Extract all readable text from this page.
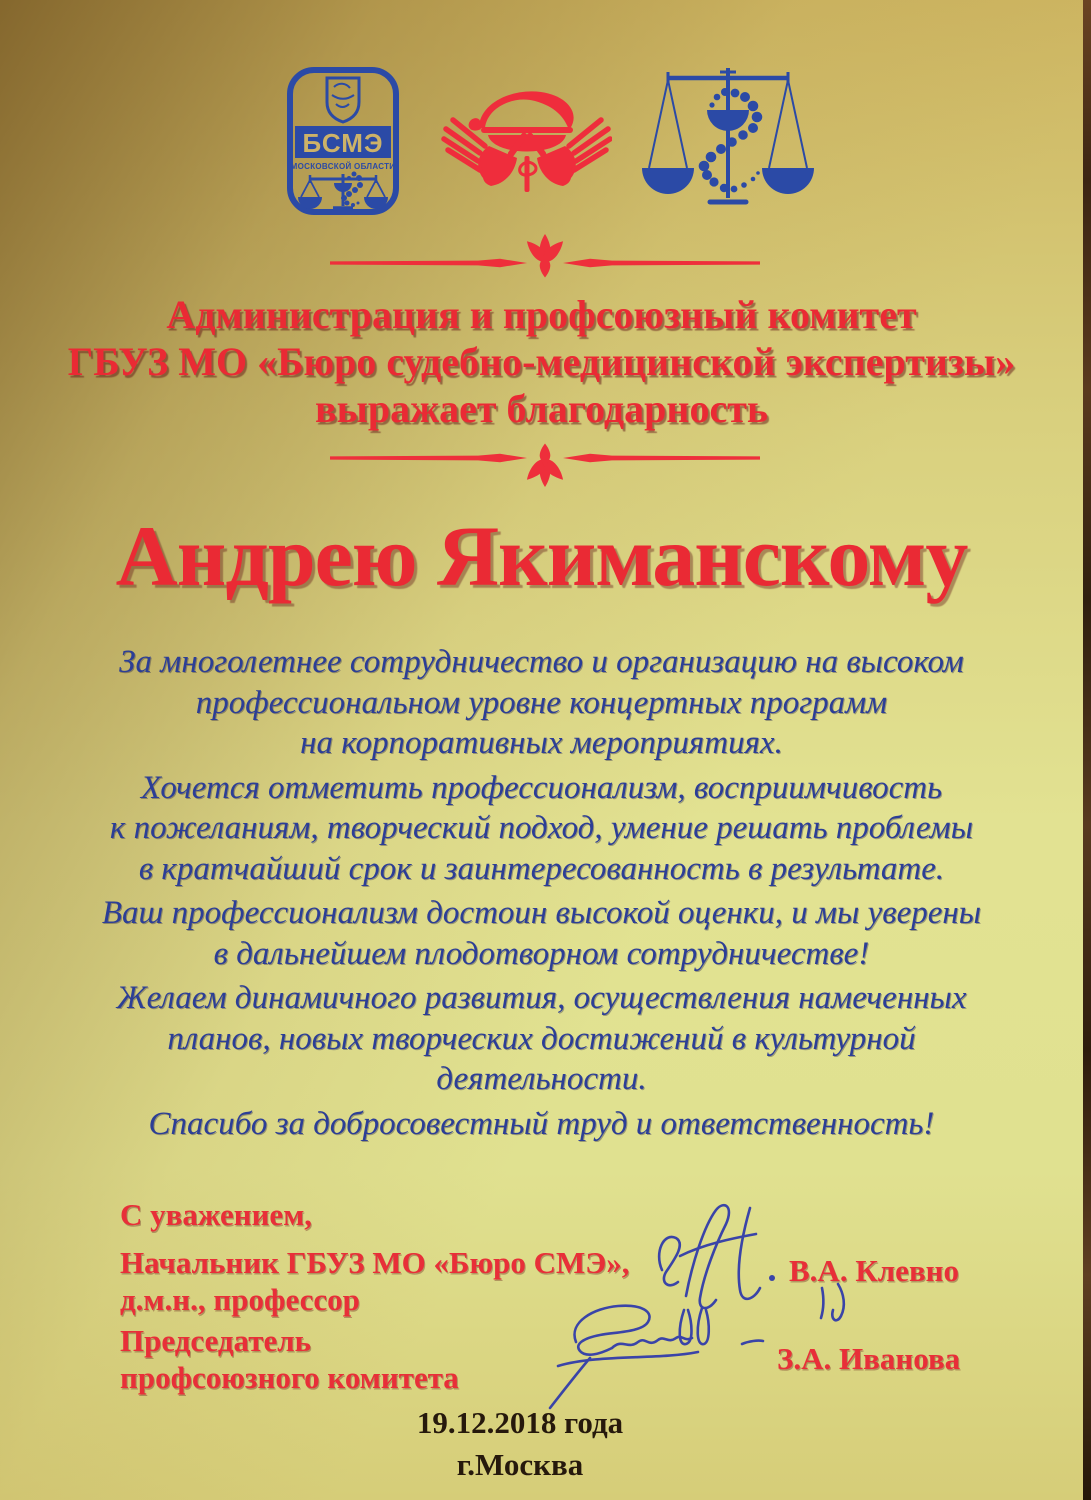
БСМЭ
МОСКОВСКОЙ ОБЛАСТИ
Администрация и профсоюзный комитет
ГБУЗ МО «Бюро судебно-медицинской экспертизы»
выражает благодарность
Андрею Якиманскому

За многолетнее сотрудничество и организацию на высоком
профессиональном уровне концертных программ
на корпоративных мероприятиях.

Хочется отметить профессионализм, восприимчивость
к пожеланиям, творческий подход, умение решать проблемы
в кратчайший срок и заинтересованность в результате.

Ваш профессионализм достоин высокой оценки, и мы уверены
в дальнейшем плодотворном сотрудничестве!

Желаем динамичного развития, осуществления намеченных
планов, новых творческих достижений в культурной
деятельности.

Спасибо за добросовестный труд и ответственность!

С уважением,
Начальник ГБУЗ МО «Бюро СМЭ»,
д.м.н., профессор
Председатель
профсоюзного комитета
В.А. Клевно
З.А. Иванова
19.12.2018 года
г.Москва
